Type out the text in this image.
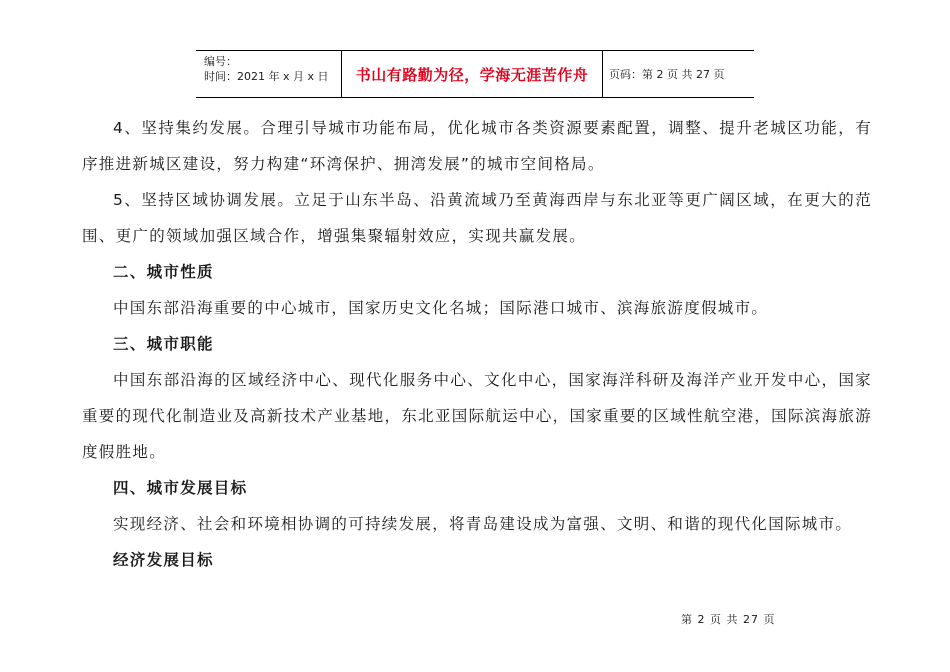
编号：
时间：2021 年 x 月 x 日	书山有路勤为径，学海无涯苦作舟	页码：第 2 页 共 27 页

4、坚持集约发展。合理引导城市功能布局，优化城市各类资源要素配置，调整、提升老城区功能，有序推进新城区建设，努力构建“环湾保护、拥湾发展”的城市空间格局。

5、坚持区域协调发展。立足于山东半岛、沿黄流域乃至黄海西岸与东北亚等更广阔区域，在更大的范围、更广的领域加强区域合作，增强集聚辐射效应，实现共赢发展。

二、城市性质

中国东部沿海重要的中心城市，国家历史文化名城；国际港口城市、滨海旅游度假城市。

三、城市职能

中国东部沿海的区域经济中心、现代化服务中心、文化中心，国家海洋科研及海洋产业开发中心，国家重要的现代化制造业及高新技术产业基地，东北亚国际航运中心，国家重要的区域性航空港，国际滨海旅游度假胜地。

四、城市发展目标

实现经济、社会和环境相协调的可持续发展，将青岛建设成为富强、文明、和谐的现代化国际城市。

经济发展目标

第 2 页 共 27 页
